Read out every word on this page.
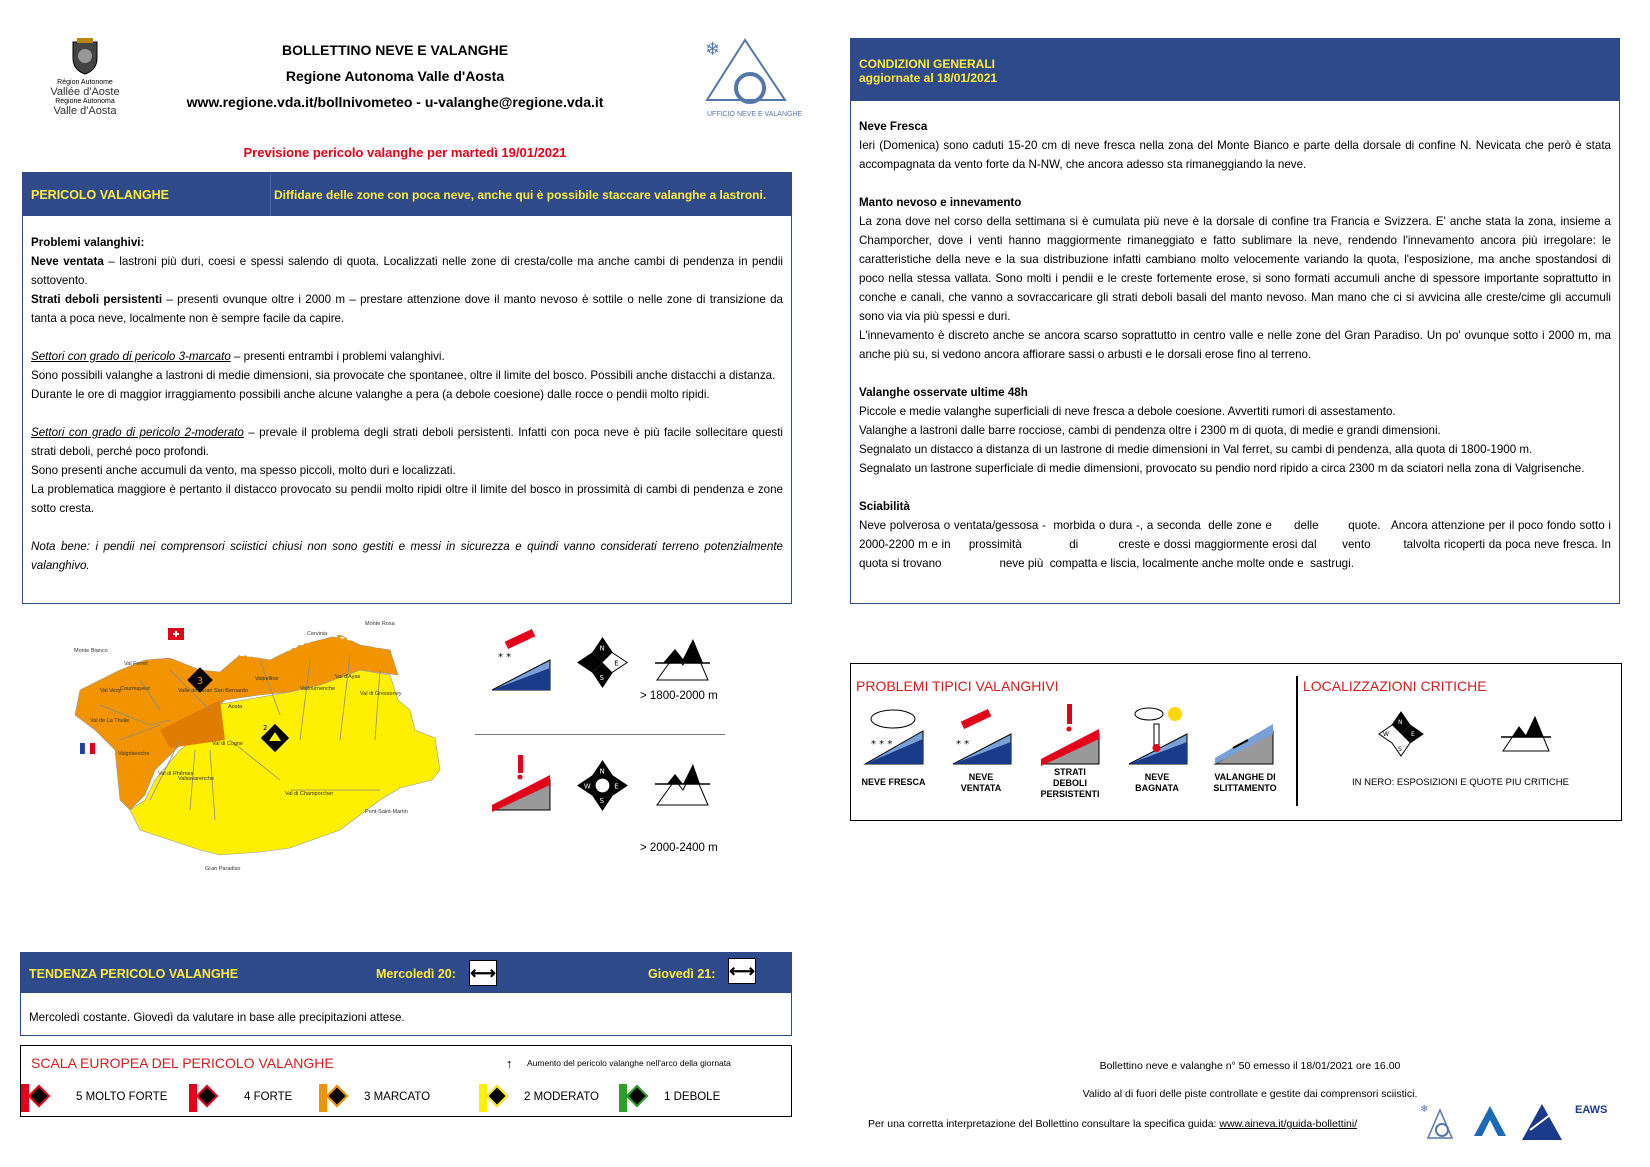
Région Autonome
Vallée d'Aoste
Regione Autonoma
Valle d'Aosta
BOLLETTINO NEVE E VALANGHE
Regione Autonoma Valle d'Aosta
www.regione.vda.it/bollnivometeo - u-valanghe@regione.vda.it
❄
UFFICIO NEVE E VALANGHE
Previsione pericolo valanghe per martedì 19/01/2021
PERICOLO VALANGHE	Diffidare delle zone con poca neve, anche qui è possibile staccare valanghe a lastroni.

Problemi valanghivi:

Neve ventata – lastroni più duri, coesi e spessi salendo di quota. Localizzati nelle zone di cresta/colle ma anche cambi di pendenza in pendii sottovento.

Strati deboli persistenti – presenti ovunque oltre i 2000 m – prestare attenzione dove il manto nevoso è sottile o nelle zone di transizione da tanta a poca neve, localmente non è sempre facile da capire.

Settori con grado di pericolo 3-marcato – presenti entrambi i problemi valanghivi.

Sono possibili valanghe a lastroni di medie dimensioni, sia provocate che spontanee, oltre il limite del bosco. Possibili anche distacchi a distanza.

Durante le ore di maggior irraggiamento possibili anche alcune valanghe a pera (a debole coesione) dalle rocce o pendii molto ripidi.

Settori con grado di pericolo 2-moderato – prevale il problema degli strati deboli persistenti. Infatti con poca neve è più facile sollecitare questi strati deboli, perché poco profondi.

Sono presenti anche accumuli da vento, ma spesso piccoli, molto duri e localizzati.

La problematica maggiore è pertanto il distacco provocato su pendii molto ripidi oltre il limite del bosco in prossimità di cambi di pendenza e zone sotto cresta.

Nota bene: i pendii nei comprensori sciistici chiusi non sono gestiti e messi in sicurezza e quindi vanno considerati terreno potenzialmente valanghivo.

3
2
Monte Bianco
Cervinia
Monte Rosa
Val Ferret
Courmayeur
Val Veny
Val de La Thuile
Valle del Gran San Bernardo
Valpelline
Valtournenche
Val d'Ayas
Val di Gressoney
Aosta
Valgrisenche
Val di Rhêmes
Valsavarenche
Val di Cogne
Val di Champorcher
Pont-Saint-Martin
Gran Paradiso
* *
N
E
S
> 1800-2000 m
N
E
S
W
> 2000-2400 m
TENDENZA PERICOLO VALANGHE	Mercoledì 20: ⟷	Giovedì 21: ⟷
Mercoledì costante. Giovedì da valutare in base alle precipitazioni attese.
SCALA EUROPEA DEL PERICOLO VALANGHE	↑ Aumento del pericolo valanghe nell'arco della giornata
5 MOLTO FORTE	4 FORTE	3 MARCATO	2 MODERATO	1 DEBOLE
CONDIZIONI GENERALI
aggiornate al 18/01/2021

Neve Fresca

Ieri (Domenica) sono caduti 15-20 cm di neve fresca nella zona del Monte Bianco e parte della dorsale di confine N. Nevicata che però è stata accompagnata da vento forte da N-NW, che ancora adesso sta rimaneggiando la neve.

Manto nevoso e innevamento

La zona dove nel corso della settimana si è cumulata più neve è la dorsale di confine tra Francia e Svizzera. E' anche stata la zona, insieme a Champorcher, dove i venti hanno maggiormente rimaneggiato e fatto sublimare la neve, rendendo l'innevamento ancora più irregolare: le caratteristiche della neve e la sua distribuzione infatti cambiano molto velocemente variando la quota, l'esposizione, ma anche spostandosi di poco nella stessa vallata. Sono molti i pendii e le creste fortemente erose, si sono formati accumuli anche di spessore importante soprattutto in conche e canali, che vanno a sovraccaricare gli strati deboli basali del manto nevoso. Man mano che ci si avvicina alle creste/cime gli accumuli sono via via più spessi e duri.

L'innevamento è discreto anche se ancora scarso soprattutto in centro valle e nelle zone del Gran Paradiso. Un po' ovunque sotto i 2000 m, ma anche più su, si vedono ancora affiorare sassi o arbusti e le dorsali erose fino al terreno.

Valanghe osservate ultime 48h

Piccole e medie valanghe superficiali di neve fresca a debole coesione. Avvertiti rumori di assestamento.

Valanghe a lastroni dalle barre rocciose, cambi di pendenza oltre i 2300 m di quota, di medie e grandi dimensioni.

Segnalato un distacco a distanza di un lastrone di medie dimensioni in Val ferret, su cambi di pendenza, alla quota di 1800-1900 m.

Segnalato un lastrone superficiale di medie dimensioni, provocato su pendio nord ripido a circa 2300 m da sciatori nella zona di Valgrisenche.

Sciabilità

Neve polverosa o ventata/gessosa -  morbida o dura -, a seconda  delle zone e      delle        quote.   Ancora attenzione per il poco fondo sotto i 2000-2200 m e in     prossimità             di           creste e dossi maggiormente erosi dal       vento         talvolta ricoperti da poca neve fresca. In    quota si trovano                  neve più  compatta e liscia, localmente anche molte onde e  sastrugi.

PROBLEMI TIPICI VALANGHIVI	LOCALIZZAZIONI CRITICHE
* * *	* *
NEVE FRESCA	NEVE VENTATA
STRATI DEBOLI PERSISTENTI
NEVE BAGNATA
VALANGHE DI SLITTAMENTO
N
E
S
W
IN NERO: ESPOSIZIONI E QUOTE PIU CRITICHE
Bollettino neve e valanghe n° 50 emesso il 18/01/2021 ore 16.00
Valido al di fuori delle piste controllate e gestite dai comprensori sciistici.
Per una corretta interpretazione del Bollettino consultare la specifica guida: www.aineva.it/guida-bollettini/
❄	EAWS
